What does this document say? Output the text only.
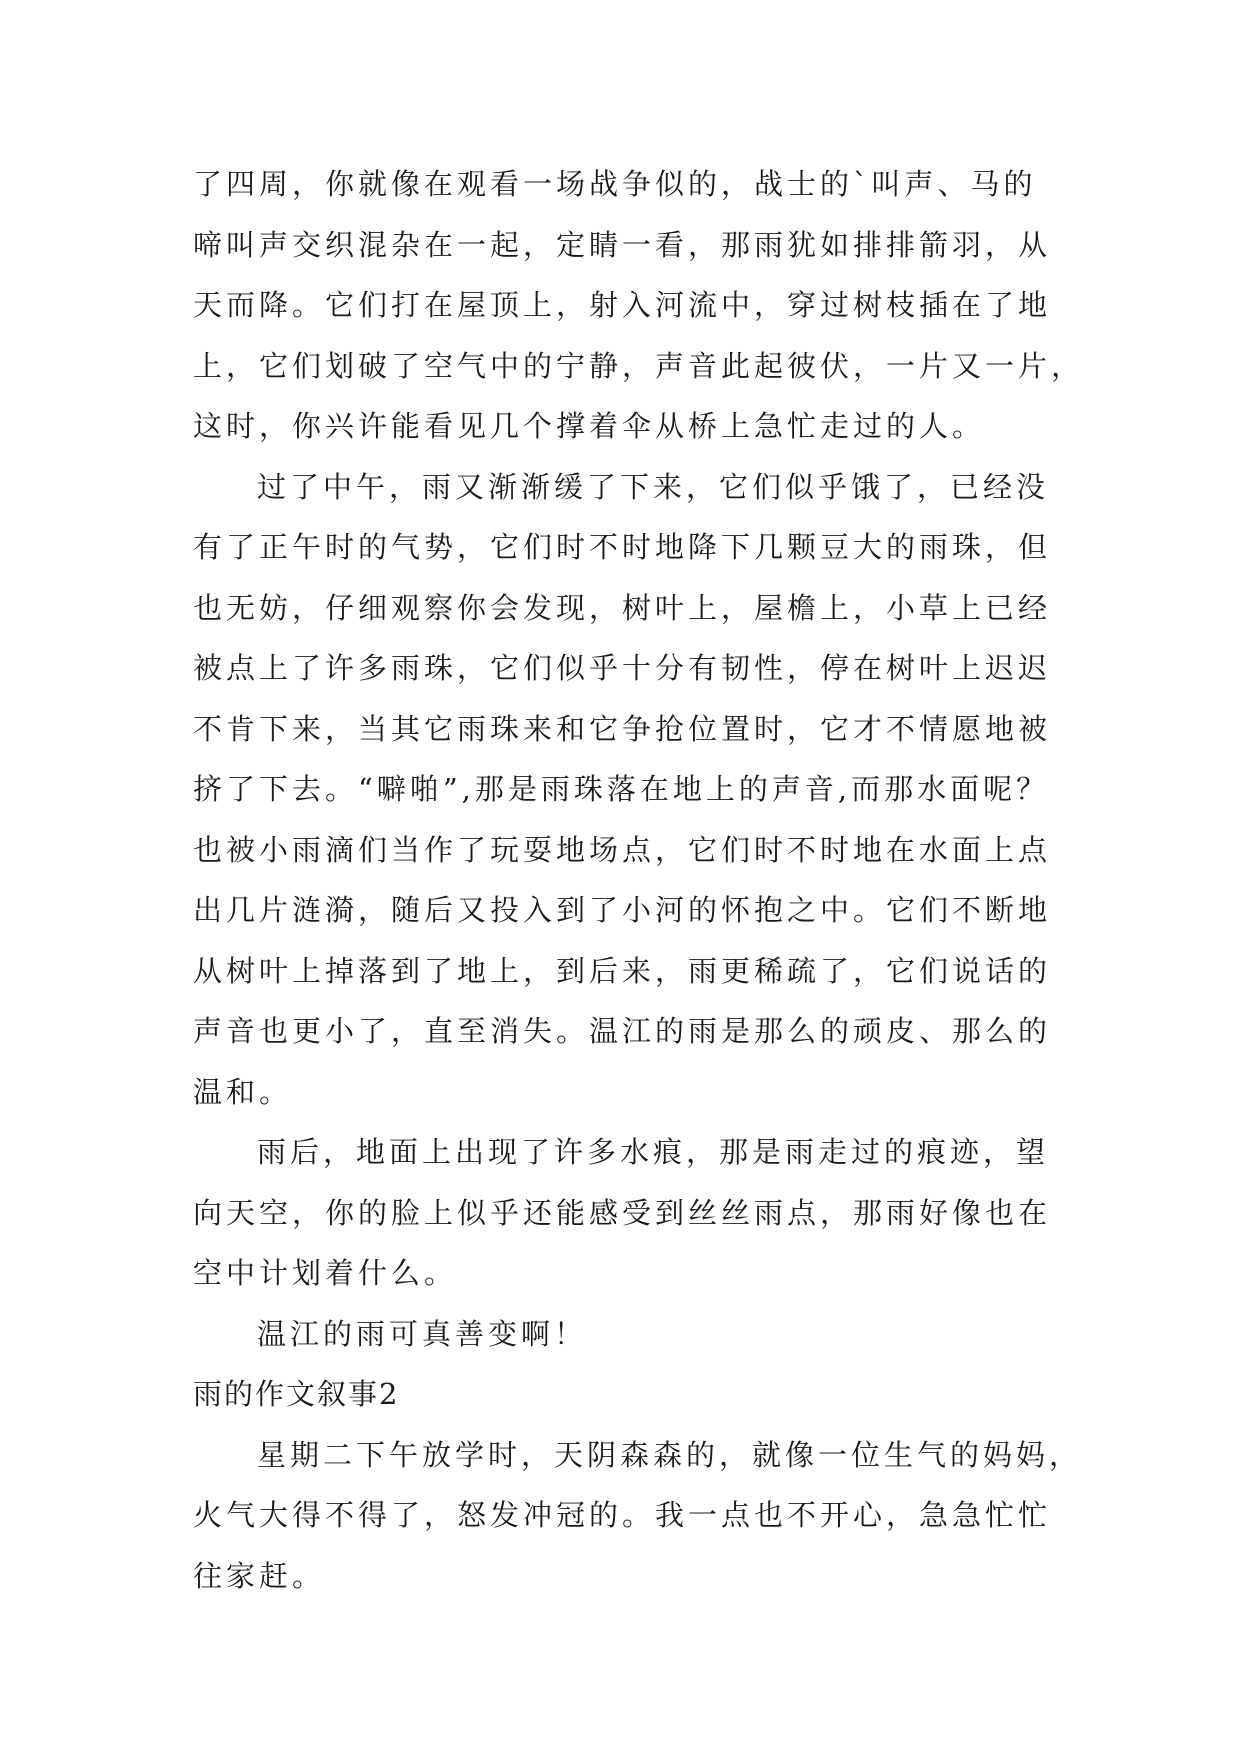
了四周，你就像在观看一场战争似的，战士的`叫声、马的
啼叫声交织混杂在一起，定睛一看，那雨犹如排排箭羽，从
天而降。它们打在屋顶上，射入河流中，穿过树枝插在了地
上，它们划破了空气中的宁静，声音此起彼伏，一片又一片，
这时，你兴许能看见几个撑着伞从桥上急忙走过的人。
过了中午，雨又渐渐缓了下来，它们似乎饿了，已经没
有了正午时的气势，它们时不时地降下几颗豆大的雨珠，但
也无妨，仔细观察你会发现，树叶上，屋檐上，小草上已经
被点上了许多雨珠，它们似乎十分有韧性，停在树叶上迟迟
不肯下来，当其它雨珠来和它争抢位置时，它才不情愿地被
挤了下去。“噼啪”,那是雨珠落在地上的声音,而那水面呢？
也被小雨滴们当作了玩耍地场点，它们时不时地在水面上点
出几片涟漪，随后又投入到了小河的怀抱之中。它们不断地
从树叶上掉落到了地上，到后来，雨更稀疏了，它们说话的
声音也更小了，直至消失。温江的雨是那么的顽皮、那么的
温和。
雨后，地面上出现了许多水痕，那是雨走过的痕迹，望
向天空，你的脸上似乎还能感受到丝丝雨点，那雨好像也在
空中计划着什么。
温江的雨可真善变啊！
雨的作文叙事2
星期二下午放学时，天阴森森的，就像一位生气的妈妈，
火气大得不得了，怒发冲冠的。我一点也不开心，急急忙忙
往家赶。
